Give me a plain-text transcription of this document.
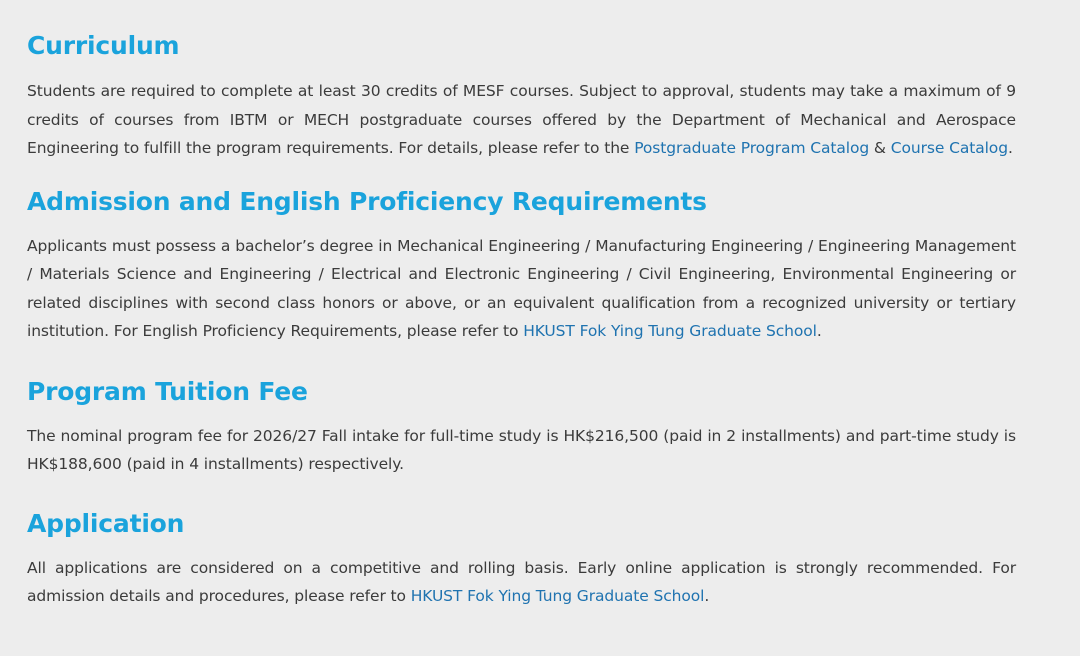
Curriculum

Students are required to complete at least 30 credits of MESF courses. Subject to approval, students may take a maximum of 9 credits of courses from IBTM or MECH postgraduate courses offered by the Department of Mechanical and Aerospace Engineering to fulfill the program requirements. For details, please refer to the Postgraduate Program Catalog & Course Catalog.

Admission and English Proficiency Requirements

Applicants must possess a bachelor’s degree in Mechanical Engineering / Manufacturing Engineering / Engineering Management / Materials Science and Engineering / Electrical and Electronic Engineering / Civil Engineering, Environmental Engineering or related disciplines with second class honors or above, or an equivalent qualification from a recognized university or tertiary institution. For English Proficiency Requirements, please refer to HKUST Fok Ying Tung Graduate School.

Program Tuition Fee

The nominal program fee for 2026/27 Fall intake for full-time study is HK$216,500 (paid in 2 installments) and part-time study is HK$188,600 (paid in 4 installments) respectively.

Application

All applications are considered on a competitive and rolling basis. Early online application is strongly recommended. For admission details and procedures, please refer to HKUST Fok Ying Tung Graduate School.
